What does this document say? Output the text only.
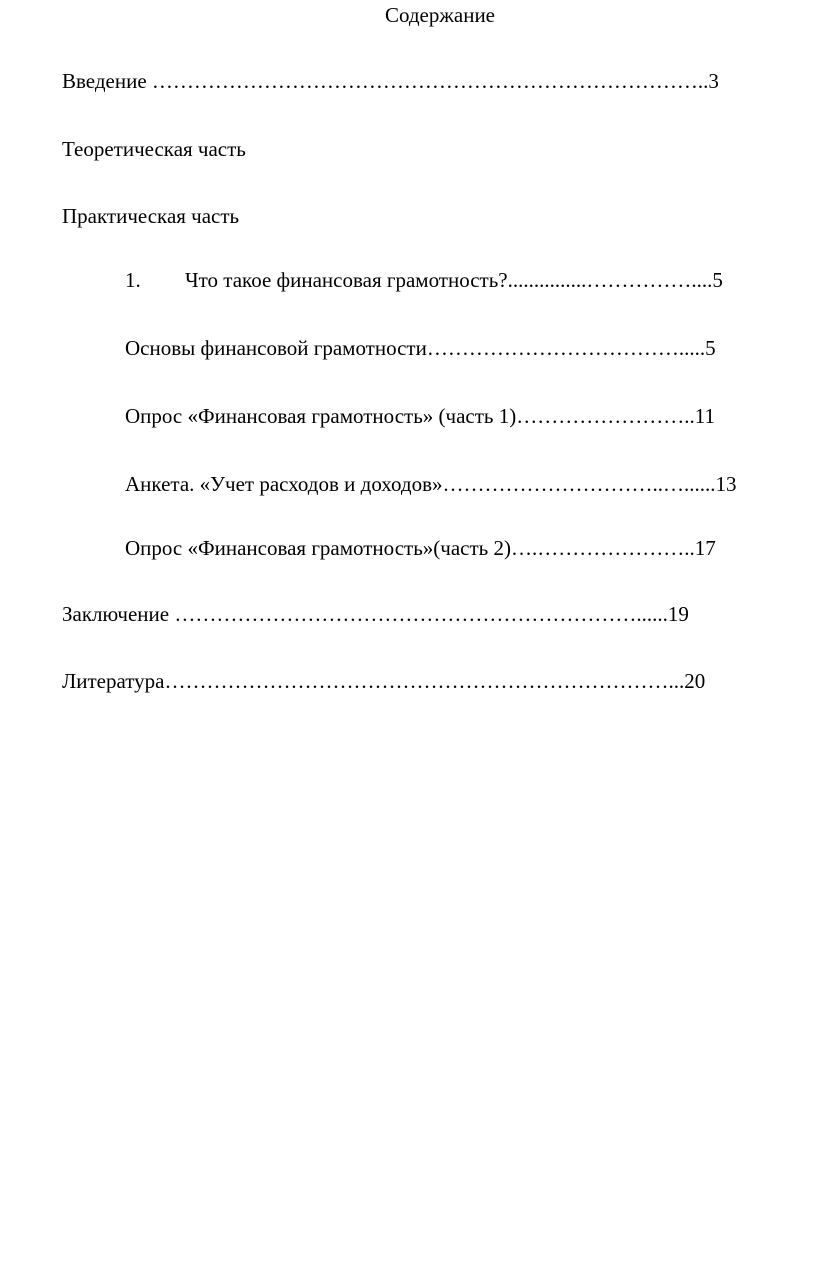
Содержание
Введение ……………………………………………………………………..3
Теоретическая часть
Практическая часть
1. Что такое финансовая грамотность?...............……………....5
Основы финансовой грамотности……………………………….....5
Опрос «Финансовая грамотность» (часть 1)……………………..11
Анкета. «Учет расходов и доходов»…………………………..…......13
Опрос «Финансовая грамотность»(часть 2)….…………………..17
Заключение …………………………………………………………......19
Литература………………………………………………………………...20
